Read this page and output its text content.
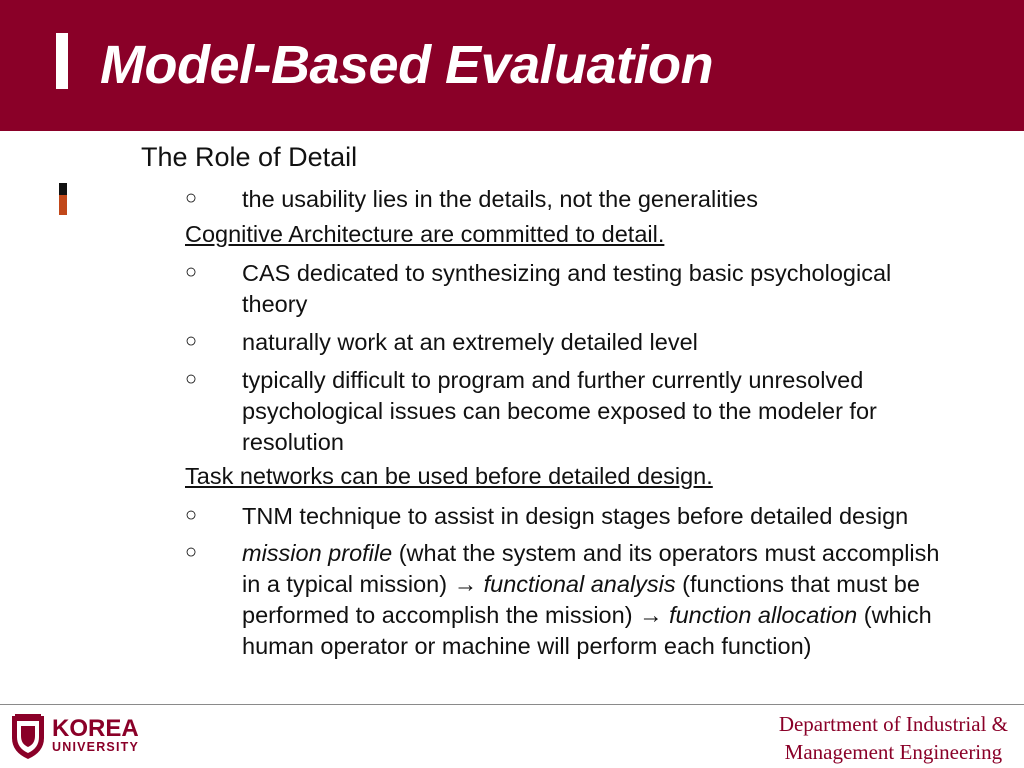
Model-Based Evaluation
The Role of Detail
○ the usability lies in the details, not the generalities
Cognitive Architecture are committed to detail.
○ CAS dedicated to synthesizing and testing basic psychological theory
○ naturally work at an extremely detailed level
○ typically difficult to program and further currently unresolved psychological issues can become exposed to the modeler for resolution
Task networks can be used before detailed design.
○ TNM technique to assist in design stages before detailed design
○ mission profile (what the system and its operators must accomplish in a typical mission) → functional analysis (functions that must be performed to accomplish the mission) → function allocation (which human operator or machine will perform each function)
KOREA
UNIVERSITY
Department of Industrial &
Management Engineering
